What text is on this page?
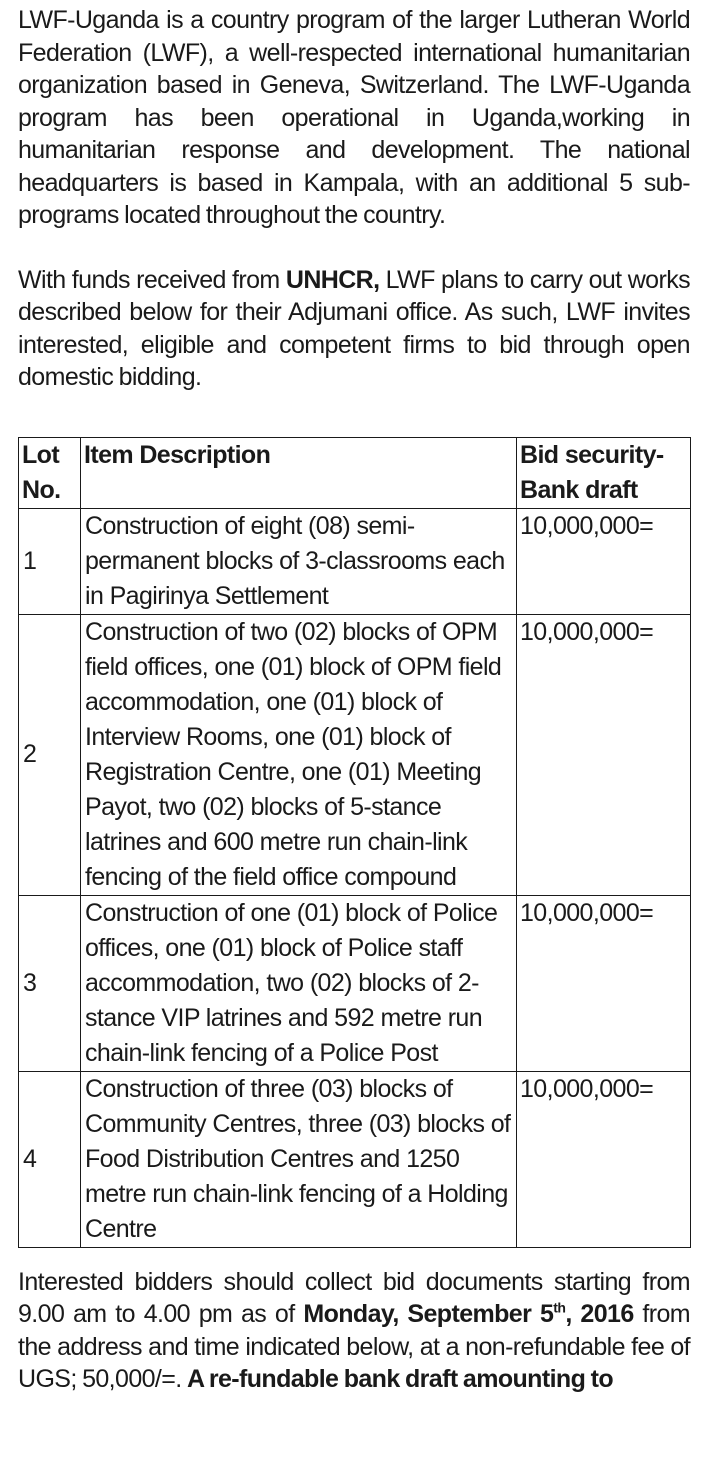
LWF-Uganda is a country program of the larger Lutheran World Federation (LWF), a well-respected international humanitarian organization based in Geneva, Switzerland. The LWF-Uganda program has been operational in Uganda,working in humanitarian response and development. The national headquarters is based in Kampala, with an additional 5 sub-programs located throughout the country.

With funds received from UNHCR, LWF plans to carry out works described below for their Adjumani office. As such, LWF invites interested, eligible and competent firms to bid through open domestic bidding.

Lot No.	Item Description	Bid security-Bank draft
1	Construction of eight (08) semi-permanent blocks of 3-classrooms each in Pagirinya Settlement	10,000,000=
2	Construction of two (02) blocks of OPM field offices, one (01) block of OPM field accommodation, one (01) block of Interview Rooms, one (01) block of Registration Centre, one (01) Meeting Payot, two (02) blocks of 5-stance latrines and 600 metre run chain-link fencing of the field office compound	10,000,000=
3	Construction of one (01) block of Police offices, one (01) block of Police staff accommodation, two (02) blocks of 2-stance VIP latrines and 592 metre run chain-link fencing of a Police Post	10,000,000=
4	Construction of three (03) blocks of Community Centres, three (03) blocks of Food Distribution Centres and 1250 metre run chain-link fencing of a Holding Centre	10,000,000=

Interested bidders should collect bid documents starting from 9.00 am to 4.00 pm as of Monday, September 5th, 2016 from the address and time indicated below, at a non-refundable fee of UGS; 50,000/=. A re-fundable bank draft amounting to
